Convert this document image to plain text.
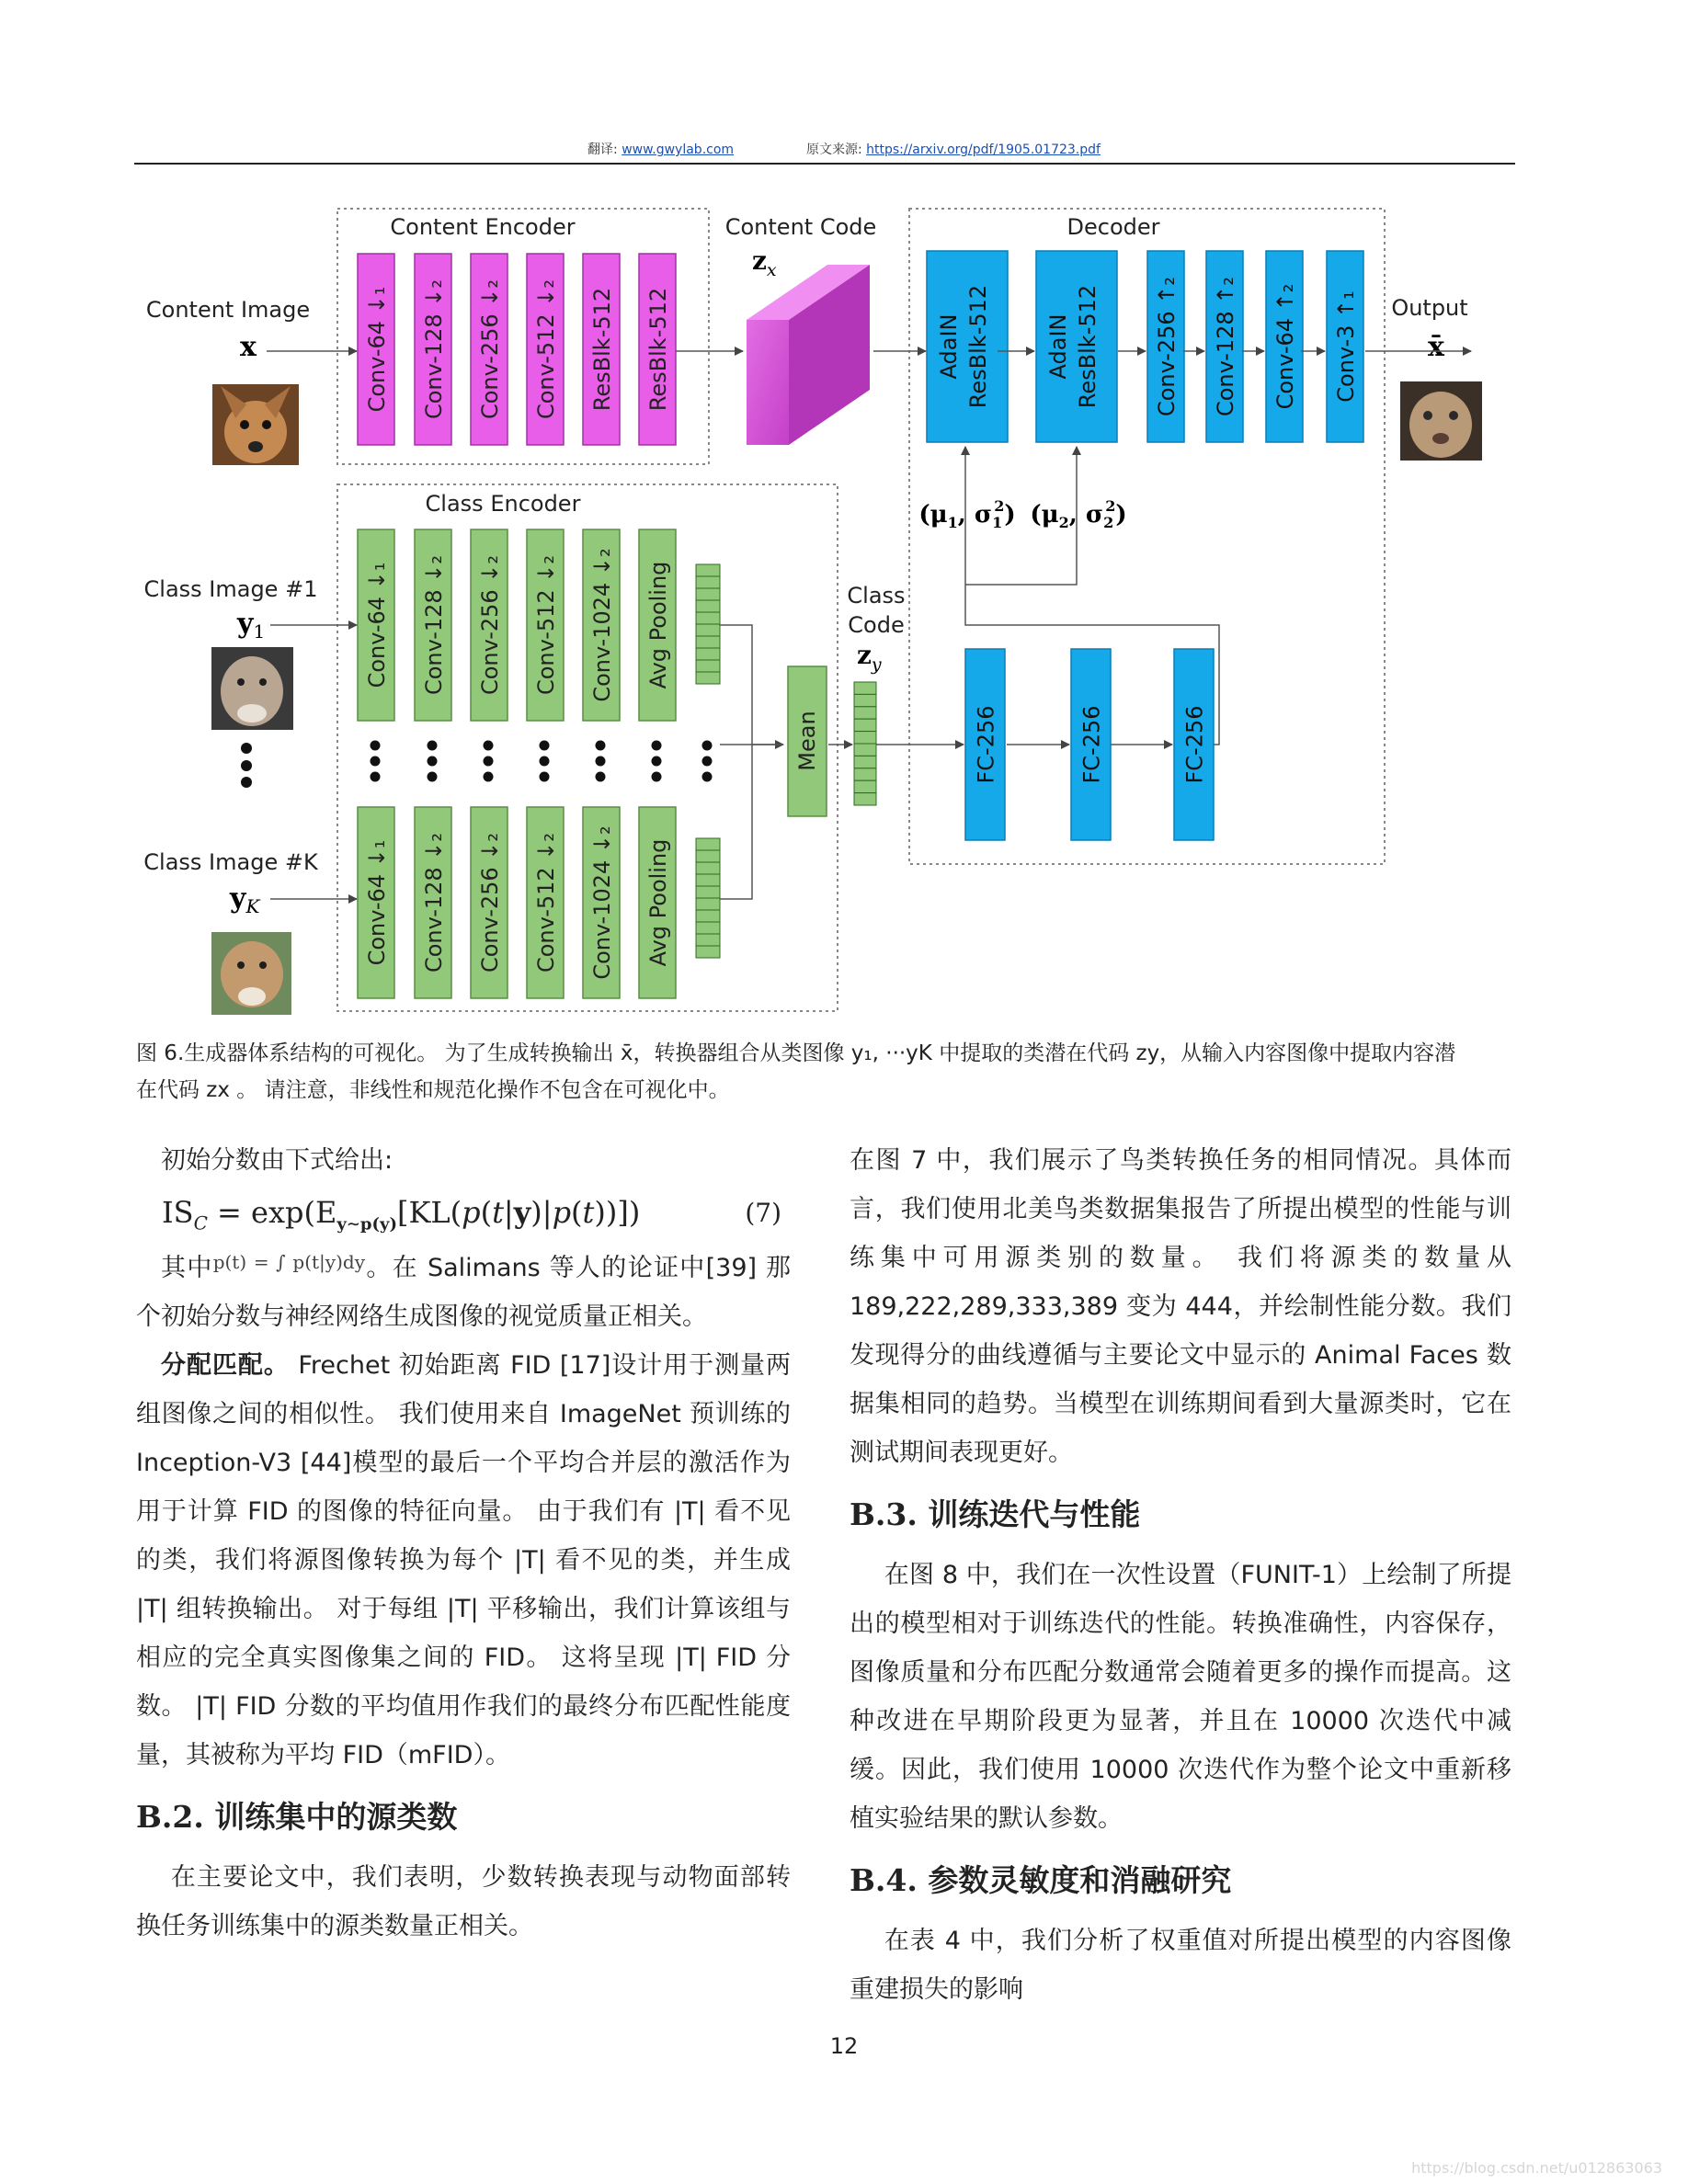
翻译: www.gwylab.com	原文来源: https://arxiv.org/pdf/1905.01723.pdf
Content Encoder
Class Encoder
Decoder
Content Code
$z_x$
Content Image
x
Output
x̄
Class Image #1
$y_1$
Class Image #K
$y_K$
Class
Code
$z_y$
($\mu_1$, $\sigma_12$) ($\mu_2$, $\sigma_22$)
Conv-64 ↓₁ Conv-128 ↓₂ Conv-256 ↓₂ Conv-512 ↓₂ ResBlk-512 ResBlk-512
Conv-64 ↓₁ Conv-128 ↓₂ Conv-256 ↓₂ Conv-512 ↓₂ Conv-1024 ↓₂ Avg Pooling
Conv-64 ↓₁ Conv-128 ↓₂ Conv-256 ↓₂ Conv-512 ↓₂ Conv-1024 ↓₂ Avg Pooling
AdaIN ResBlk-512 AdaIN ResBlk-512 Conv-256 ↑₂ Conv-128 ↑₂ Conv-64 ↑₂ Conv-3 ↑₁
FC-256	FC-256	FC-256
Mean
图 6.生成器体系结构的可视化。 为了生成转换输出 x̄，转换器组合从类图像 y₁, ···yK 中提取的类潜在代码 zy，从输入内容图像中提取内容潜
在代码 zx 。 请注意，非线性和规范化操作不包含在可视化中。

初始分数由下式给出:

$IS_C = \exp(E_{y\sim p(y)}[KL(p(t|y)|p(t))])$	(7)

其中$^{p(t) = \int p(t|y)dy}$。在 Salimans 等人的论证中[39] 那个初始分数与神经网络生成图像的视觉质量正相关。

分配匹配。 Frechet 初始距离 FID [17]设计用于测量两组图像之间的相似性。 我们使用来自 ImageNet 预训练的 Inception-V3 [44]模型的最后一个平均合并层的激活作为用于计算 FID 的图像的特征向量。 由于我们有 |T| 看不见的类，我们将源图像转换为每个 |T| 看不见的类，并生成 |T| 组转换输出。 对于每组 |T| 平移输出，我们计算该组与相应的完全真实图像集之间的 FID。 这将呈现 |T| FID 分数。 |T| FID 分数的平均值用作我们的最终分布匹配性能度量，其被称为平均 FID（mFID）。

B.2. 训练集中的源类数

在主要论文中，我们表明，少数转换表现与动物面部转换任务训练集中的源类数量正相关。

在图 7 中，我们展示了鸟类转换任务的相同情况。具体而言，我们使用北美鸟类数据集报告了所提出模型的性能与训练集中可用源类别的数量。 我们将源类的数量从 189,222,289,333,389 变为 444，并绘制性能分数。我们发现得分的曲线遵循与主要论文中显示的 Animal Faces 数据集相同的趋势。当模型在训练期间看到大量源类时，它在测试期间表现更好。

B.3. 训练迭代与性能

在图 8 中，我们在一次性设置（FUNIT-1）上绘制了所提出的模型相对于训练迭代的性能。转换准确性，内容保存，图像质量和分布匹配分数通常会随着更多的操作而提高。这种改进在早期阶段更为显著，并且在 10000 次迭代中减缓。因此，我们使用 10000 次迭代作为整个论文中重新移植实验结果的默认参数。

B.4. 参数灵敏度和消融研究

在表 4 中，我们分析了权重值对所提出模型的内容图像重建损失的影响

12
https://blog.csdn.net/u012863063
